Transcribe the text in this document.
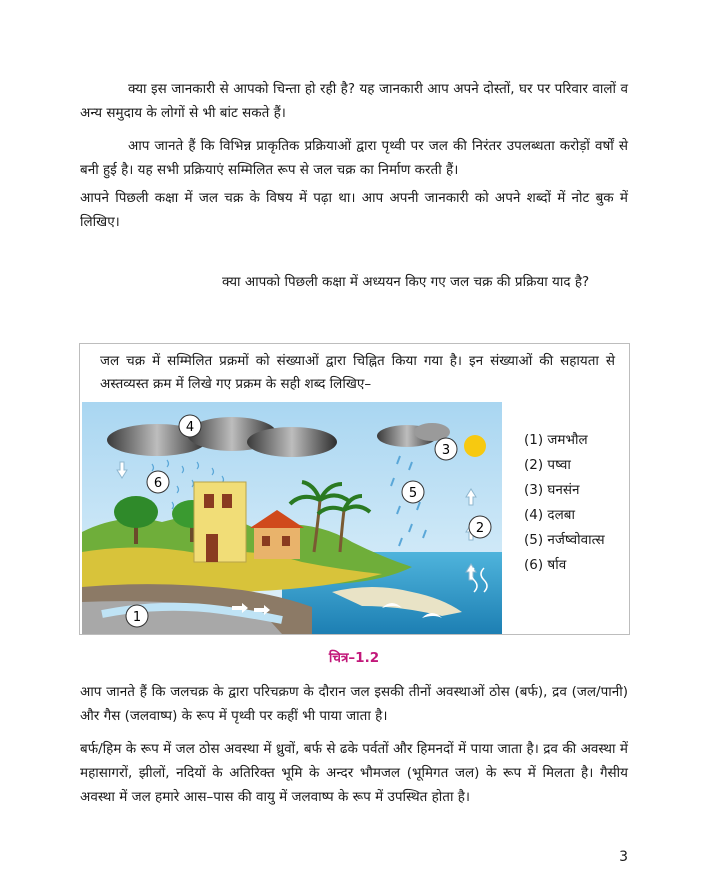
क्या इस जानकारी से आपको चिन्ता हो रही है? यह जानकारी आप अपने दोस्तों, घर पर परिवार वालों व अन्य समुदाय के लोगों से भी बांट सकते हैं।

आप जानते हैं कि विभिन्न प्राकृतिक प्रक्रियाओं द्वारा पृथ्वी पर जल की निरंतर उपलब्धता करोड़ों वर्षों से बनी हुई है। यह सभी प्रक्रियाएं सम्मिलित रूप से जल चक्र का निर्माण करती हैं।

आपने पिछली कक्षा में जल चक्र के विषय में पढ़ा था। आप अपनी जानकारी को अपने शब्दों में नोट बुक में लिखिए।

क्या आपको पिछली कक्षा में अध्ययन किए गए जल चक्र की प्रक्रिया याद है?

जल चक्र में सम्मिलित प्रक्रमों को संख्याओं द्वारा चिह्नित किया गया है। इन संख्याओं की सहायता से अस्तव्यस्त क्रम में लिखे गए प्रक्रम के सही शब्द लिखिए–

4
3
6
5
2
1
(1) जमभौल
(2) पष्वा
(3) घनसंन
(4) दलबा
(5) नर्जष्वोवात्स
(6) र्षाव
चित्र–1.2

आप जानते हैं कि जलचक्र के द्वारा परिचक्रण के दौरान जल इसकी तीनों अवस्थाओं ठोस (बर्फ), द्रव (जल/पानी) और गैस (जलवाष्प) के रूप में पृथ्वी पर कहीं भी पाया जाता है।

बर्फ/हिम के रूप में जल ठोस अवस्था में ध्रुवों, बर्फ से ढके पर्वतों और हिमनदों में पाया जाता है। द्रव की अवस्था में महासागरों, झीलों, नदियों के अतिरिक्त भूमि के अन्दर भौमजल (भूमिगत जल) के रूप में मिलता है। गैसीय अवस्था में जल हमारे आस–पास की वायु में जलवाष्प के रूप में उपस्थित होता है।

3
